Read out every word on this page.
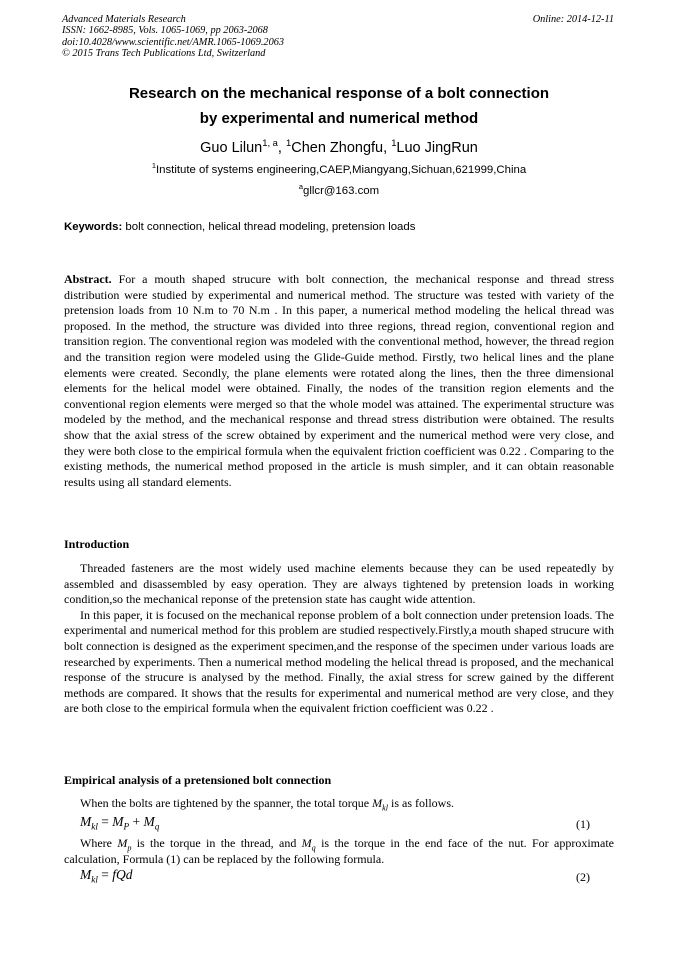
Advanced Materials Research
ISSN: 1662-8985, Vols. 1065-1069, pp 2063-2068
doi:10.4028/www.scientific.net/AMR.1065-1069.2063
© 2015 Trans Tech Publications Ltd, Switzerland
Online: 2014-12-11
Research on the mechanical response of a bolt connection
by experimental and numerical method
Guo Lilun$^{1, a}$, $^1$Chen Zhongfu, $^1$Luo JingRun
$^1$Institute of systems engineering,CAEP,Miangyang,Sichuan,621999,China
$^a$gllcr@163.com
Keywords: bolt connection, helical thread modeling, pretension loads
Abstract. For a mouth shaped strucure with bolt connection, the mechanical response and thread stress distribution were studied by experimental and numerical method. The structure was tested with variety of the pretension loads from 10 N.m to 70 N.m . In this paper, a numerical method modeling the helical thread was proposed. In the method, the structure was divided into three regions, thread region, conventional region and transition region. The conventional region was modeled with the conventional method, however, the thread region and the transition region were modeled using the Glide-Guide method. Firstly, two helical lines and the plane elements were created. Secondly, the plane elements were rotated along the lines, then the three dimensional elements for the helical model were obtained. Finally, the nodes of the transition region elements and the conventional region elements were merged so that the whole model was attained. The experimental structure was modeled by the method, and the mechanical response and thread stress distribution were obtained. The results show that the axial stress of the screw obtained by experiment and the numerical method were very close, and they were both close to the empirical formula when the equivalent friction coefficient was 0.22 . Comparing to the existing methods, the numerical method proposed in the article is mush simpler, and it can obtain reasonable results using all standard elements.
Introduction

Threaded fasteners are the most widely used machine elements because they can be used repeatedly by assembled and disassembled by easy operation. They are always tightened by pretension loads in working condition,so the mechanical reponse of the pretension state has caught wide attention.

In this paper, it is focused on the mechanical reponse problem of a bolt connection under pretension loads. The experimental and numerical method for this problem are studied respectively.Firstly,a mouth shaped strucure with bolt connection is designed as the experiment specimen,and the response of the specimen under various loads are researched by experiments. Then a numerical method modeling the helical thread is proposed, and the mechanical response of the strucure is analysed by the method. Finally, the axial stress for screw gained by the different methods are compared. It shows that the results for experimental and numerical method are very close, and they are both close to the empirical formula when the equivalent friction coefficient was 0.22 .

Empirical analysis of a pretensioned bolt connection

When the bolts are tightened by the spanner, the total torque $M_{kl}$ is as follows.

$M_{kl} = M_P + M_q$	(1)

Where $M_p$ is the torque in the thread, and $M_q$ is the torque in the end face of the nut. For approximate calculation, Formula (1) can be replaced by the following formula.

$M_{kl}$ = fQd	(2)
